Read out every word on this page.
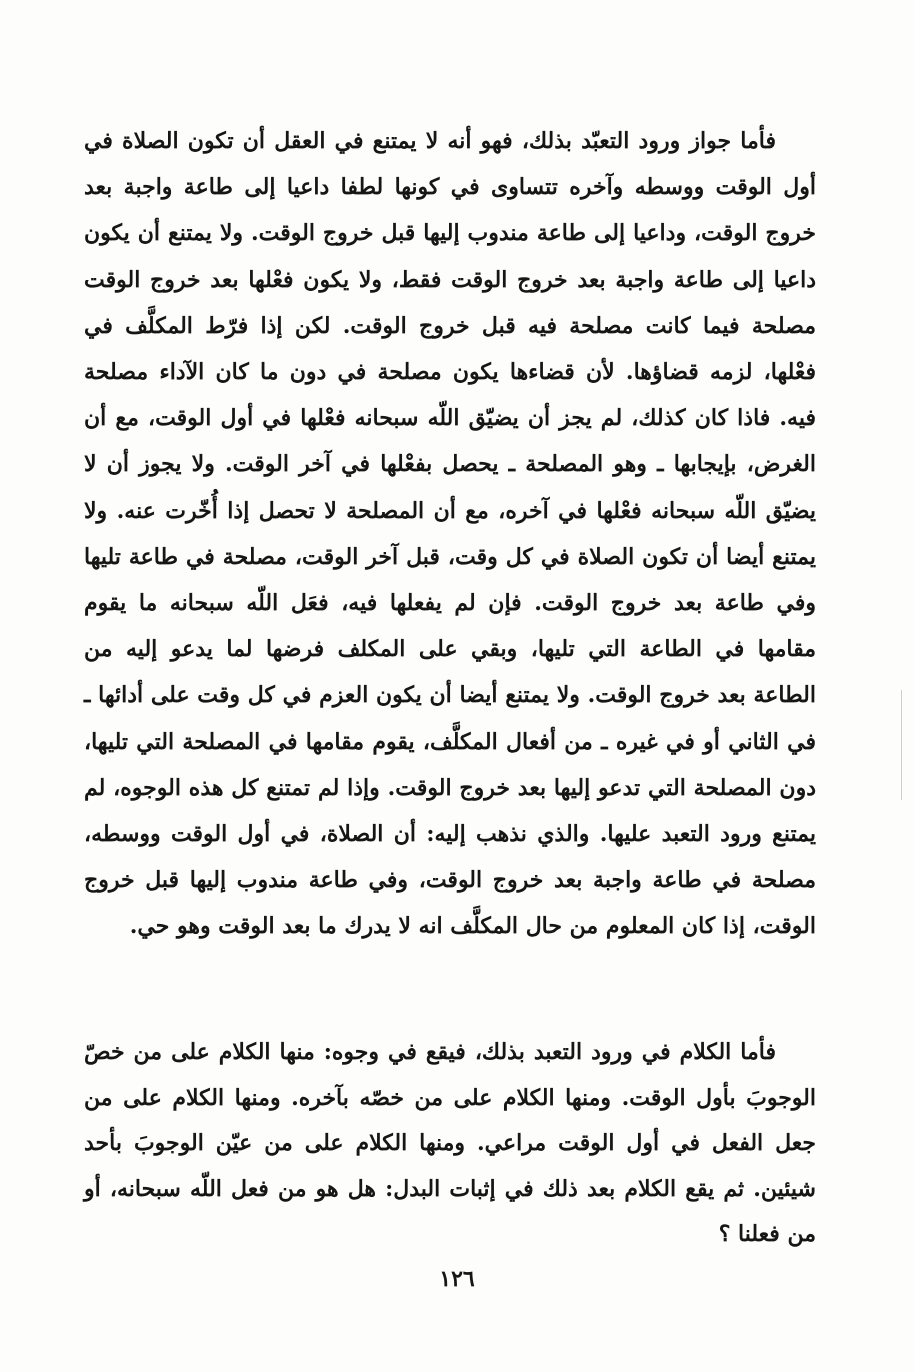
فأما جواز ورود التعبّد بذلك، فهو أنه لا يمتنع في العقل أن تكون الصلاة في أول الوقت ووسطه وآخره تتساوى في كونها لطفا داعيا إلى طاعة واجبة بعد خروج الوقت، وداعيا إلى طاعة مندوب إليها قبل خروج الوقت. ولا يمتنع أن يكون داعيا إلى طاعة واجبة بعد خروج الوقت فقط، ولا يكون فعْلها بعد خروج الوقت مصلحة فيما كانت مصلحة فيه قبل خروج الوقت. لكن إذا فرّط المكلَّف في فعْلها، لزمه قضاؤها. لأن قضاءها يكون مصلحة في دون ما كان الآداء مصلحة فيه. فاذا كان كذلك، لم يجز أن يضيّق اللّه سبحانه فعْلها في أول الوقت، مع أن الغرض، بإيجابها ـ وهو المصلحة ـ يحصل بفعْلها في آخر الوقت. ولا يجوز أن لا يضيّق اللّه سبحانه فعْلها في آخره، مع أن المصلحة لا تحصل إذا أُخّرت عنه. ولا يمتنع أيضا أن تكون الصلاة في كل وقت، قبل آخر الوقت، مصلحة في طاعة تليها وفي طاعة بعد خروج الوقت. فإن لم يفعلها فيه، فعَل اللّه سبحانه ما يقوم مقامها في الطاعة التي تليها، وبقي على المكلف فرضها لما يدعو إليه من الطاعة بعد خروج الوقت. ولا يمتنع أيضا أن يكون العزم في كل وقت على أدائها ـ في الثاني أو في غيره ـ من أفعال المكلَّف، يقوم مقامها في المصلحة التي تليها، دون المصلحة التي تدعو إليها بعد خروج الوقت. وإذا لم تمتنع كل هذه الوجوه، لم يمتنع ورود التعبد عليها. والذي نذهب إليه: أن الصلاة، في أول الوقت ووسطه، مصلحة في طاعة واجبة بعد خروج الوقت، وفي طاعة مندوب إليها قبل خروج الوقت، إذا كان المعلوم من حال المكلَّف انه لا يدرك ما بعد الوقت وهو حي.

فأما الكلام في ورود التعبد بذلك، فيقع في وجوه: منها الكلام على من خصّ الوجوبَ بأول الوقت. ومنها الكلام على من خصّه بآخره. ومنها الكلام على من جعل الفعل في أول الوقت مراعي. ومنها الكلام على من عيّن الوجوبَ بأحد شيئين. ثم يقع الكلام بعد ذلك في إثبات البدل: هل هو من فعل اللّه سبحانه، أو من فعلنا ؟

١٢٦
